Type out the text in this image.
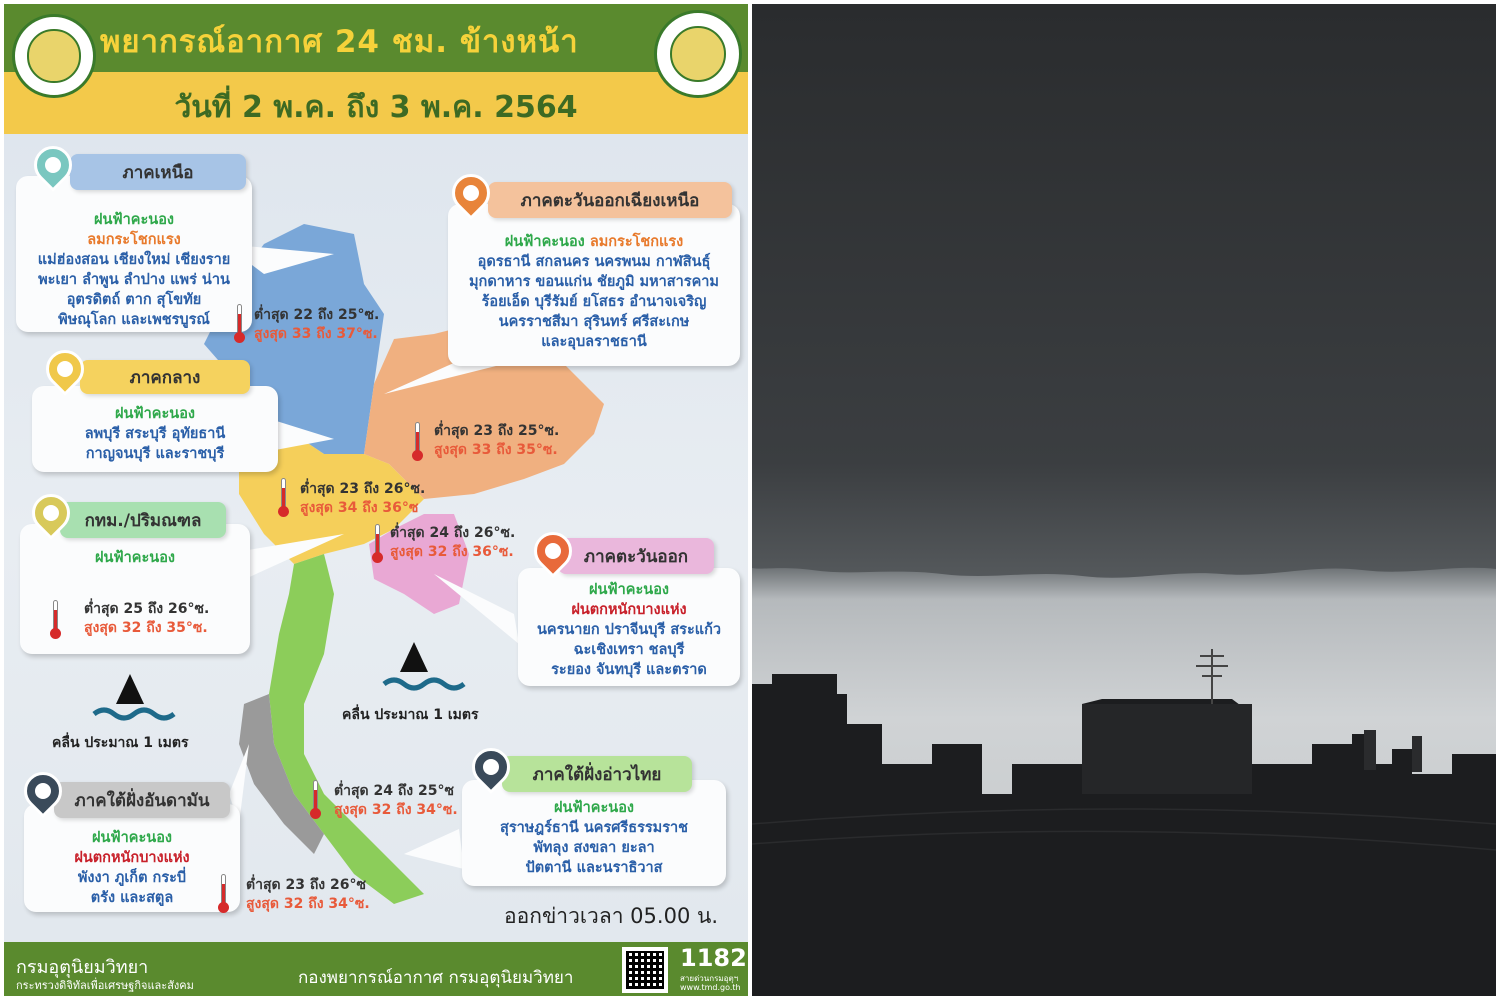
พยากรณ์อากาศ 24 ชม. ข้างหน้า
วันที่ 2 พ.ค. ถึง 3 พ.ค. 2564
ฝนฟ้าคะนอง
ลมกระโชกแรง
แม่ฮ่องสอน เชียงใหม่ เชียงราย
พะเยา ลำพูน ลำปาง แพร่ น่าน
อุตรดิตถ์ ตาก สุโขทัย
พิษณุโลก และเพชรบูรณ์
ภาคเหนือ
ฝนฟ้าคะนอง ลมกระโชกแรง
อุดรธานี สกลนคร นครพนม กาฬสินธุ์
มุกดาหาร ขอนแก่น ชัยภูมิ มหาสารคาม
ร้อยเอ็ด บุรีรัมย์ ยโสธร อำนาจเจริญ
นครราชสีมา สุรินทร์ ศรีสะเกษ
และอุบลราชธานี
ภาคตะวันออกเฉียงเหนือ
ฝนฟ้าคะนอง
ลพบุรี สระบุรี อุทัยธานี
กาญจนบุรี และราชบุรี
ภาคกลาง
ฝนฟ้าคะนอง
กทม./ปริมณฑล
ฝนฟ้าคะนอง
ฝนตกหนักบางแห่ง
นครนายก ปราจีนบุรี สระแก้ว
ฉะเชิงเทรา ชลบุรี
ระยอง จันทบุรี และตราด
ภาคตะวันออก
ฝนฟ้าคะนอง
สุราษฎร์ธานี นครศรีธรรมราช
พัทลุง สงขลา ยะลา
ปัตตานี และนราธิวาส
ภาคใต้ฝั่งอ่าวไทย
ฝนฟ้าคะนอง
ฝนตกหนักบางแห่ง
พังงา ภูเก็ต กระบี่
ตรัง และสตูล
ภาคใต้ฝั่งอันดามัน
ต่ำสุด 22 ถึง 25°ซ.
สูงสุด 33 ถึง 37°ซ.
ต่ำสุด 23 ถึง 25°ซ.
สูงสุด 33 ถึง 35°ซ.
ต่ำสุด 23 ถึง 26°ซ.
สูงสุด 34 ถึง 36°ซ
ต่ำสุด 24 ถึง 26°ซ.
สูงสุด 32 ถึง 36°ซ.
ต่ำสุด 25 ถึง 26°ซ.
สูงสุด 32 ถึง 35°ซ.
ต่ำสุด 24 ถึง 25°ซ
สูงสุด 32 ถึง 34°ซ.
ต่ำสุด 23 ถึง 26°ซ
สูงสุด 32 ถึง 34°ซ.
คลื่น ประมาณ 1 เมตร
คลื่น ประมาณ 1 เมตร
ออกข่าวเวลา 05.00 น.
กรมอุตุนิยมวิทยา
กระทรวงดิจิทัลเพื่อเศรษฐกิจและสังคม	กองพยากรณ์อากาศ กรมอุตุนิยมวิทยา
1182
สายด่วนกรมอุตุฯ
www.tmd.go.th
